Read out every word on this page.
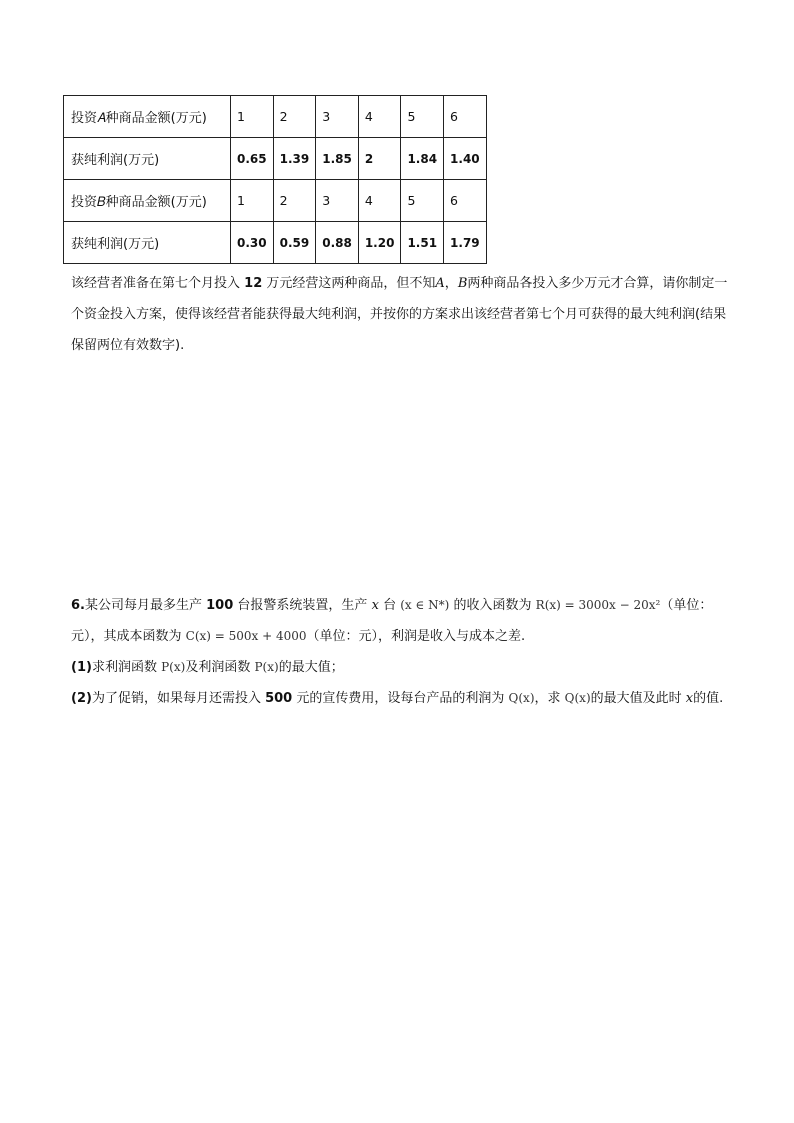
投资𝐴种商品金额(万元)	1	2	3	4	5	6
获纯利润(万元)	0.65	1.39	1.85	2	1.84	1.40
投资𝐵种商品金额(万元)	1	2	3	4	5	6
获纯利润(万元)	0.30	0.59	0.88	1.20	1.51	1.79
该经营者准备在第七个月投入 12 万元经营这两种商品，但不知A，B两种商品各投入多少万元才合算，请你制定一个资金投入方案，使得该经营者能获得最大纯利润，并按你的方案求出该经营者第七个月可获得的最大纯利润(结果保留两位有效数字).
6.某公司每月最多生产 100 台报警系统装置，生产 x 台 (x ∈ N*) 的收入函数为 R(x) = 3000x − 20x²（单位：元），其成本函数为 C(x) = 500x + 4000（单位：元），利润是收入与成本之差.
(1)求利润函数 P(x)及利润函数 P(x)的最大值；
(2)为了促销，如果每月还需投入 500 元的宣传费用，设每台产品的利润为 Q(x)，求 Q(x)的最大值及此时 x的值.
